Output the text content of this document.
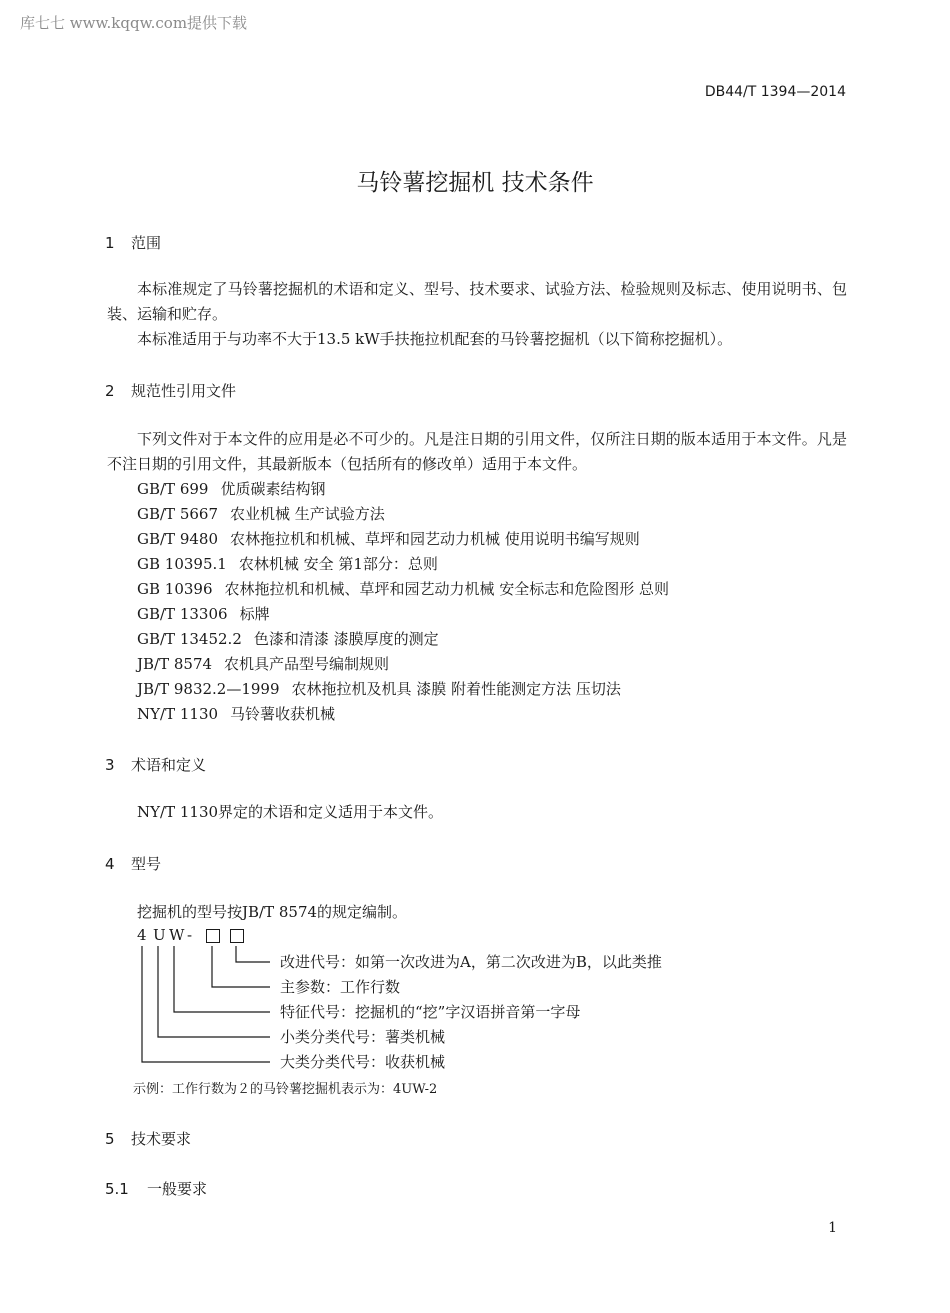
库七七 www.kqqw.com提供下载
DB44/T 1394—2014
马铃薯挖掘机 技术条件
1 范围
本标准规定了马铃薯挖掘机的术语和定义、型号、技术要求、试验方法、检验规则及标志、使用说明书、包装、运输和贮存。
本标准适用于与功率不大于13.5 kW手扶拖拉机配套的马铃薯挖掘机（以下简称挖掘机）。
2 规范性引用文件
下列文件对于本文件的应用是必不可少的。凡是注日期的引用文件，仅所注日期的版本适用于本文件。凡是不注日期的引用文件，其最新版本（包括所有的修改单）适用于本文件。
GB/T 699 优质碳素结构钢
GB/T 5667 农业机械 生产试验方法
GB/T 9480 农林拖拉机和机械、草坪和园艺动力机械 使用说明书编写规则
GB 10395.1 农林机械 安全 第1部分：总则
GB 10396 农林拖拉机和机械、草坪和园艺动力机械 安全标志和危险图形 总则
GB/T 13306 标牌
GB/T 13452.2 色漆和清漆 漆膜厚度的测定
JB/T 8574 农机具产品型号编制规则
JB/T 9832.2—1999 农林拖拉机及机具 漆膜 附着性能测定方法 压切法
NY/T 1130 马铃薯收获机械
3 术语和定义
NY/T 1130界定的术语和定义适用于本文件。
4 型号
挖掘机的型号按JB/T 8574的规定编制。
4 U W -
改进代号：如第一次改进为A，第二次改进为B，以此类推
主参数：工作行数
特征代号：挖掘机的“挖”字汉语拼音第一字母
小类分类代号：薯类机械
大类分类代号：收获机械
示例：工作行数为２的马铃薯挖掘机表示为：4UW-2
5 技术要求
5.1 一般要求
1
